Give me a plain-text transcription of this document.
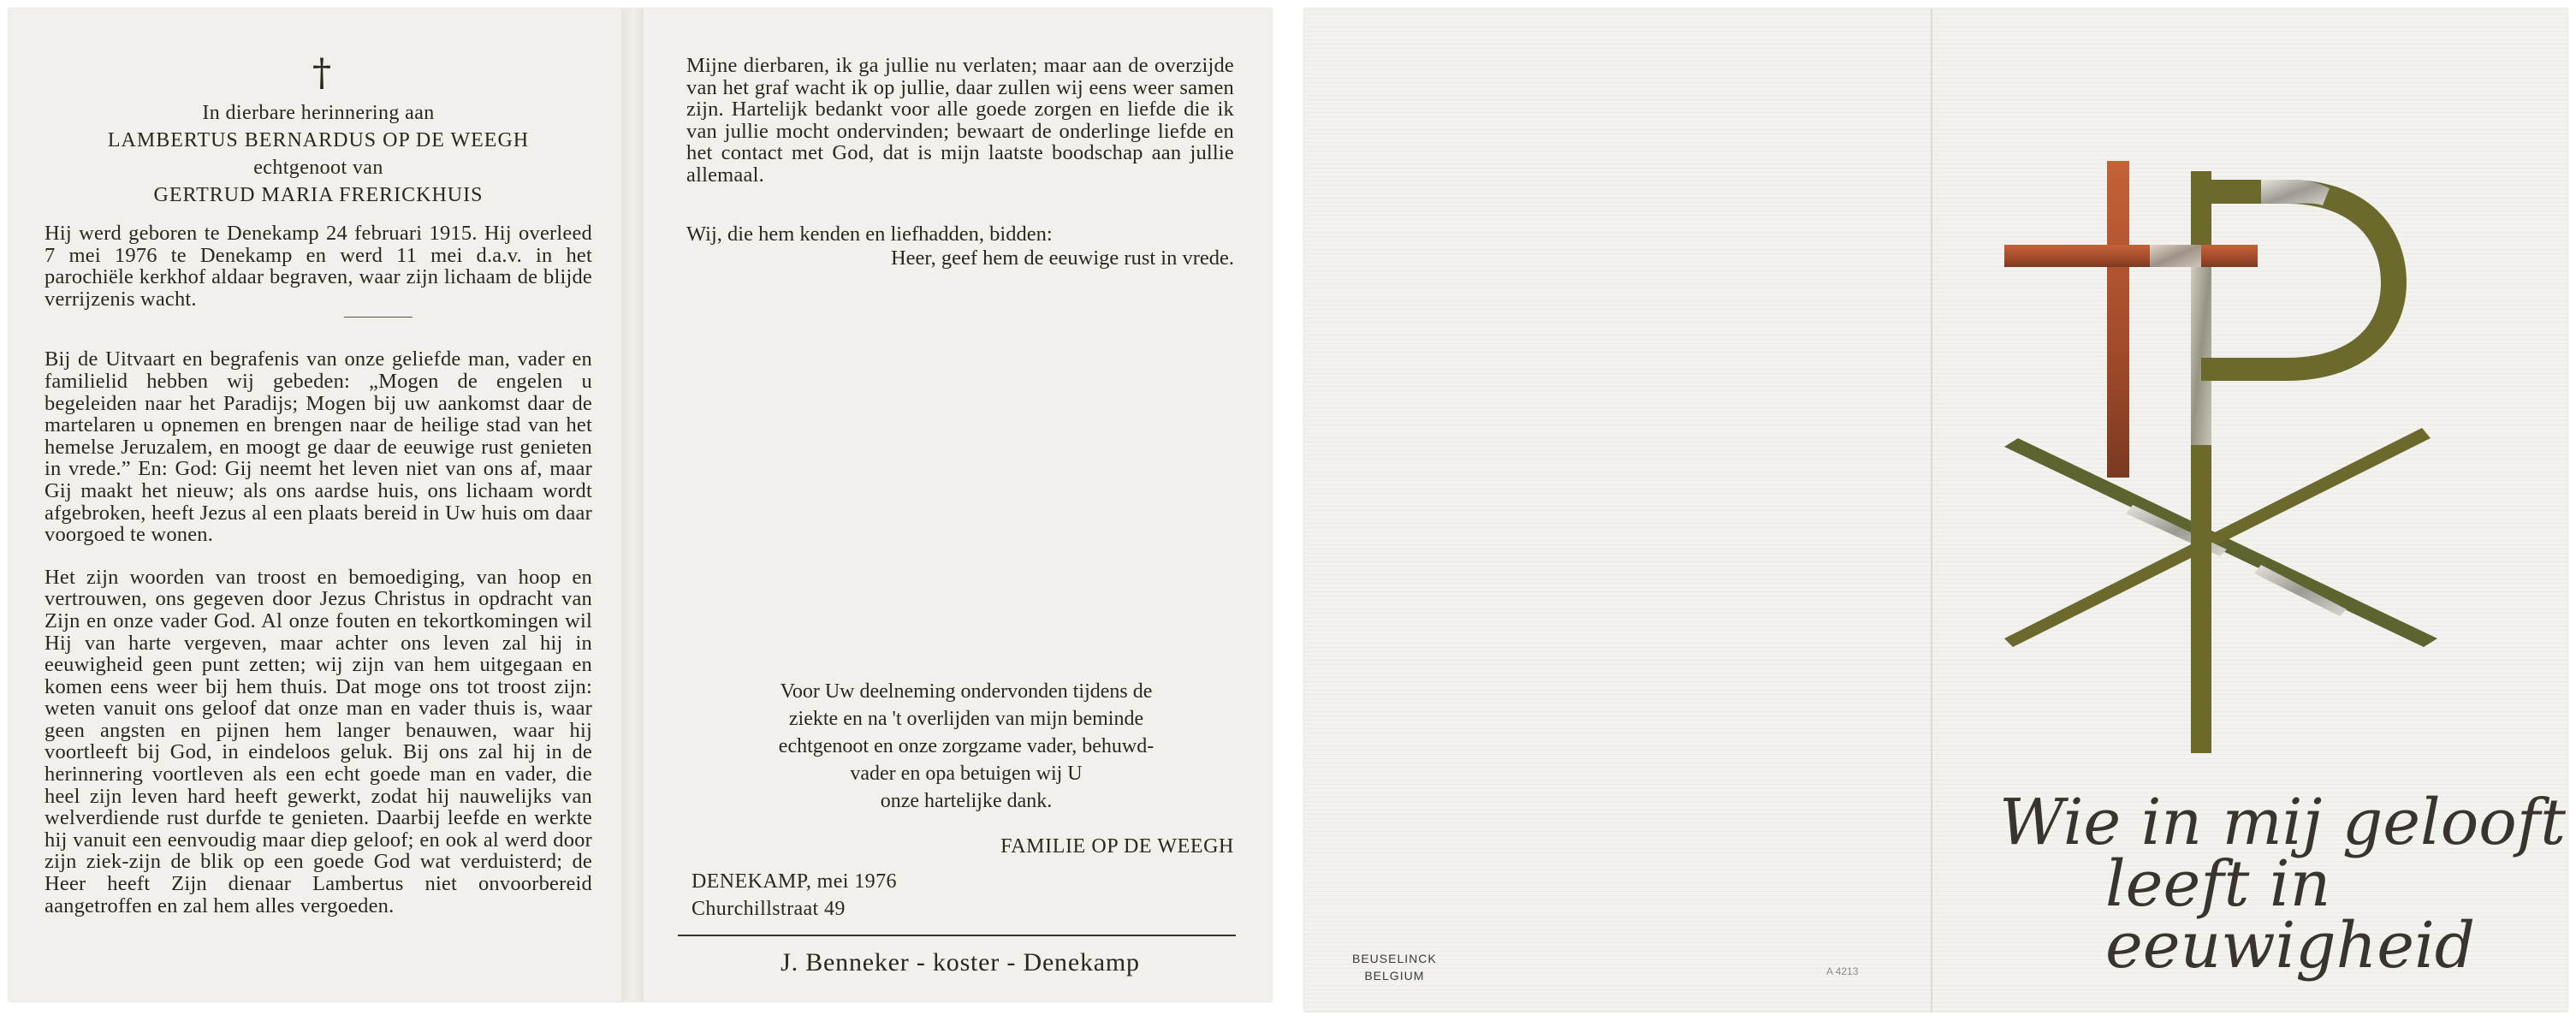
†
In dierbare herinnering aan
LAMBERTUS BERNARDUS OP DE WEEGH
echtgenoot van
GERTRUD MARIA FRERICKHUIS

Hij werd geboren te Denekamp 24 februari 1915. Hij overleed 7 mei 1976 te Denekamp en werd 11 mei d.a.v. in het parochiële kerkhof aldaar begraven, waar zijn lichaam de blijde verrijzenis wacht.

Bij de Uitvaart en begrafenis van onze geliefde man, vader en familielid hebben wij gebeden: „Mogen de engelen u begeleiden naar het Paradijs; Mogen bij uw aankomst daar de martelaren u opnemen en brengen naar de heilige stad van het hemelse Jeruzalem, en moogt ge daar de eeuwige rust genieten in vrede.” En: God: Gij neemt het leven niet van ons af, maar Gij maakt het nieuw; als ons aardse huis, ons lichaam wordt afgebroken, heeft Jezus al een plaats bereid in Uw huis om daar voorgoed te wonen.

Het zijn woorden van troost en bemoediging, van hoop en vertrouwen, ons gegeven door Jezus Christus in opdracht van Zijn en onze vader God. Al onze fouten en tekortkomingen wil Hij van harte vergeven, maar achter ons leven zal hij in eeuwigheid geen punt zetten; wij zijn van hem uitgegaan en komen eens weer bij hem thuis. Dat moge ons tot troost zijn: weten vanuit ons geloof dat onze man en vader thuis is, waar geen angsten en pijnen hem langer benauwen, waar hij voortleeft bij God, in eindeloos geluk. Bij ons zal hij in de herinnering voortleven als een echt goede man en vader, die heel zijn leven hard heeft gewerkt, zodat hij nauwelijks van welverdiende rust durfde te genieten. Daarbij leefde en werkte hij vanuit een eenvoudig maar diep geloof; en ook al werd door zijn ziek-zijn de blik op een goede God wat verduisterd; de Heer heeft Zijn dienaar Lambertus niet onvoorbereid aangetroffen en zal hem alles vergoeden.

Mijne dierbaren, ik ga jullie nu verlaten; maar aan de overzijde van het graf wacht ik op jullie, daar zullen wij eens weer samen zijn. Hartelijk bedankt voor alle goede zorgen en liefde die ik van jullie mocht ondervinden; bewaart de onderlinge liefde en het contact met God, dat is mijn laatste boodschap aan jullie allemaal.

Wij, die hem kenden en liefhadden, bidden:
Heer, geef hem de eeuwige rust in vrede.
Voor Uw deelneming ondervonden tijdens de
ziekte en na 't overlijden van mijn beminde
echtgenoot en onze zorgzame vader, behuwd-
vader en opa betuigen wij U
onze hartelijke dank.
FAMILIE OP DE WEEGH
DENEKAMP, mei 1976
Churchillstraat 49
J. Benneker - koster - Denekamp
Wie in mij gelooft
leeft in eeuwigheid
BEUSELINCK
BELGIUM	A 4213
